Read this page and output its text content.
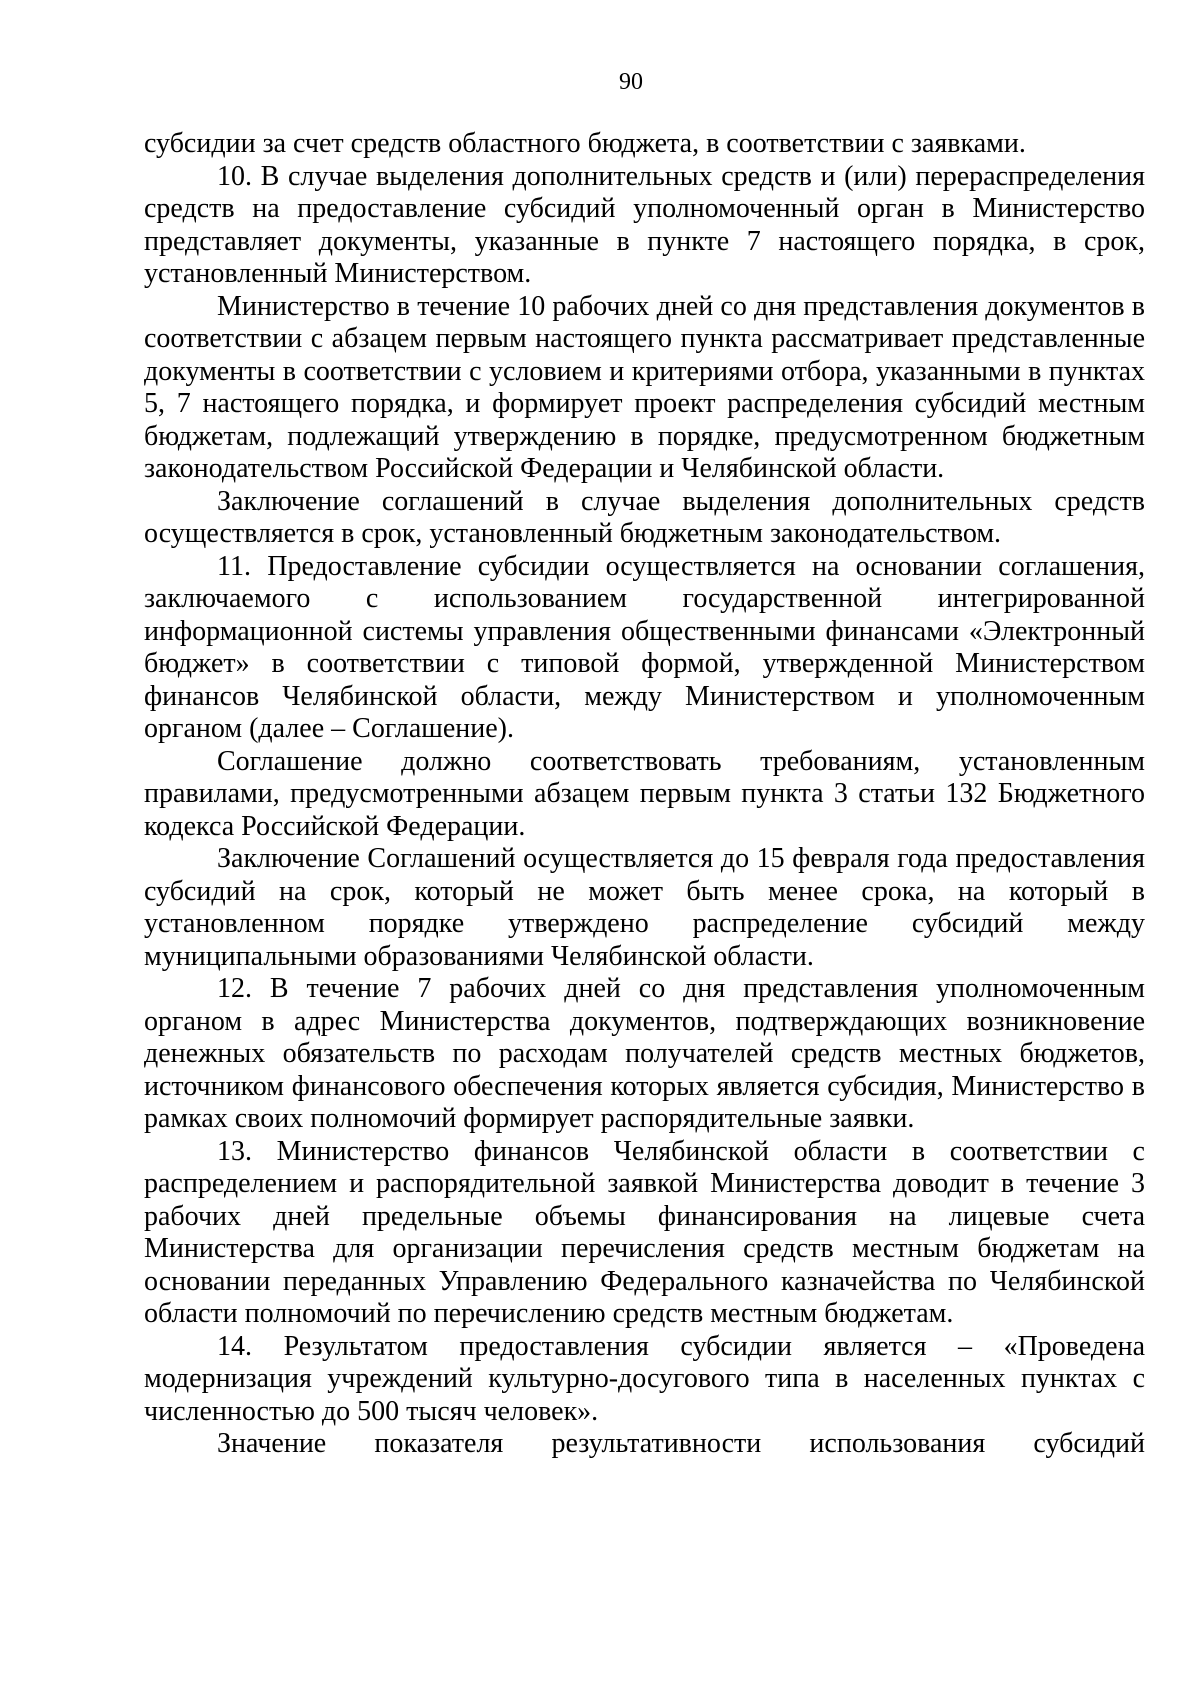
90

субсидии за счет средств областного бюджета, в соответствии с заявками.

10. В случае выделения дополнительных средств и (или) перераспределения средств на предоставление субсидий уполномоченный орган в Министерство представляет документы, указанные в пункте 7 настоящего порядка, в срок, установленный Министерством.

Министерство в течение 10 рабочих дней со дня представления документов в соответствии с абзацем первым настоящего пункта рассматривает представленные документы в соответствии с условием и критериями отбора, указанными в пунктах 5, 7 настоящего порядка, и формирует проект распределения субсидий местным бюджетам, подлежащий утверждению в порядке, предусмотренном бюджетным законодательством Российской Федерации и Челябинской области.

Заключение соглашений в случае выделения дополнительных средств осуществляется в срок, установленный бюджетным законодательством.

11. Предоставление субсидии осуществляется на основании соглашения, заключаемого с использованием государственной интегрированной информационной системы управления общественными финансами «Электронный бюджет» в соответствии с типовой формой, утвержденной Министерством финансов Челябинской области, между Министерством и уполномоченным органом (далее – Соглашение).

Соглашение должно соответствовать требованиям, установленным правилами, предусмотренными абзацем первым пункта 3 статьи 132 Бюджетного кодекса Российской Федерации.

Заключение Соглашений осуществляется до 15 февраля года предоставления субсидий на срок, который не может быть менее срока, на который в установленном порядке утверждено распределение субсидий между муниципальными образованиями Челябинской области.

12. В течение 7 рабочих дней со дня представления уполномоченным органом в адрес Министерства документов, подтверждающих возникновение денежных обязательств по расходам получателей средств местных бюджетов, источником финансового обеспечения которых является субсидия, Министерство в рамках своих полномочий формирует распорядительные заявки.

13. Министерство финансов Челябинской области в соответствии с распределением и распорядительной заявкой Министерства доводит в течение 3 рабочих дней предельные объемы финансирования на лицевые счета Министерства для организации перечисления средств местным бюджетам на основании переданных Управлению Федерального казначейства по Челябинской области полномочий по перечислению средств местным бюджетам.

14. Результатом предоставления субсидии является – «Проведена модернизация учреждений культурно-досугового типа в населенных пунктах с численностью до 500 тысяч человек».

Значение показателя результативности использования субсидий
